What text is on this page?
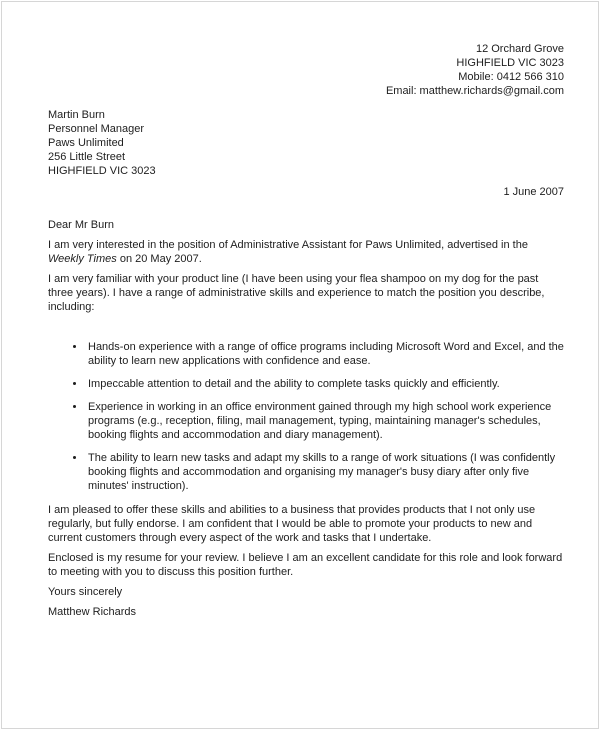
12 Orchard Grove
HIGHFIELD VIC 3023
Mobile: 0412 566 310
Email: matthew.richards@gmail.com
Martin Burn
Personnel Manager
Paws Unlimited
256 Little Street
HIGHFIELD VIC 3023
1 June 2007

Dear Mr Burn

I am very interested in the position of Administrative Assistant for Paws Unlimited, advertised in the Weekly Times on 20 May 2007.

I am very familiar with your product line (I have been using your flea shampoo on my dog for the past three years). I have a range of administrative skills and experience to match the position you describe, including:

• Hands-on experience with a range of office programs including Microsoft Word and Excel, and the ability to learn new applications with confidence and ease.
• Impeccable attention to detail and the ability to complete tasks quickly and efficiently.
• Experience in working in an office environment gained through my high school work experience programs (e.g., reception, filing, mail management, typing, maintaining manager's schedules, booking flights and accommodation and diary management).
• The ability to learn new tasks and adapt my skills to a range of work situations (I was confidently booking flights and accommodation and organising my manager's busy diary after only five minutes' instruction).

I am pleased to offer these skills and abilities to a business that provides products that I not only use regularly, but fully endorse. I am confident that I would be able to promote your products to new and current customers through every aspect of the work and tasks that I undertake.

Enclosed is my resume for your review. I believe I am an excellent candidate for this role and look forward to meeting with you to discuss this position further.

Yours sincerely

Matthew Richards
